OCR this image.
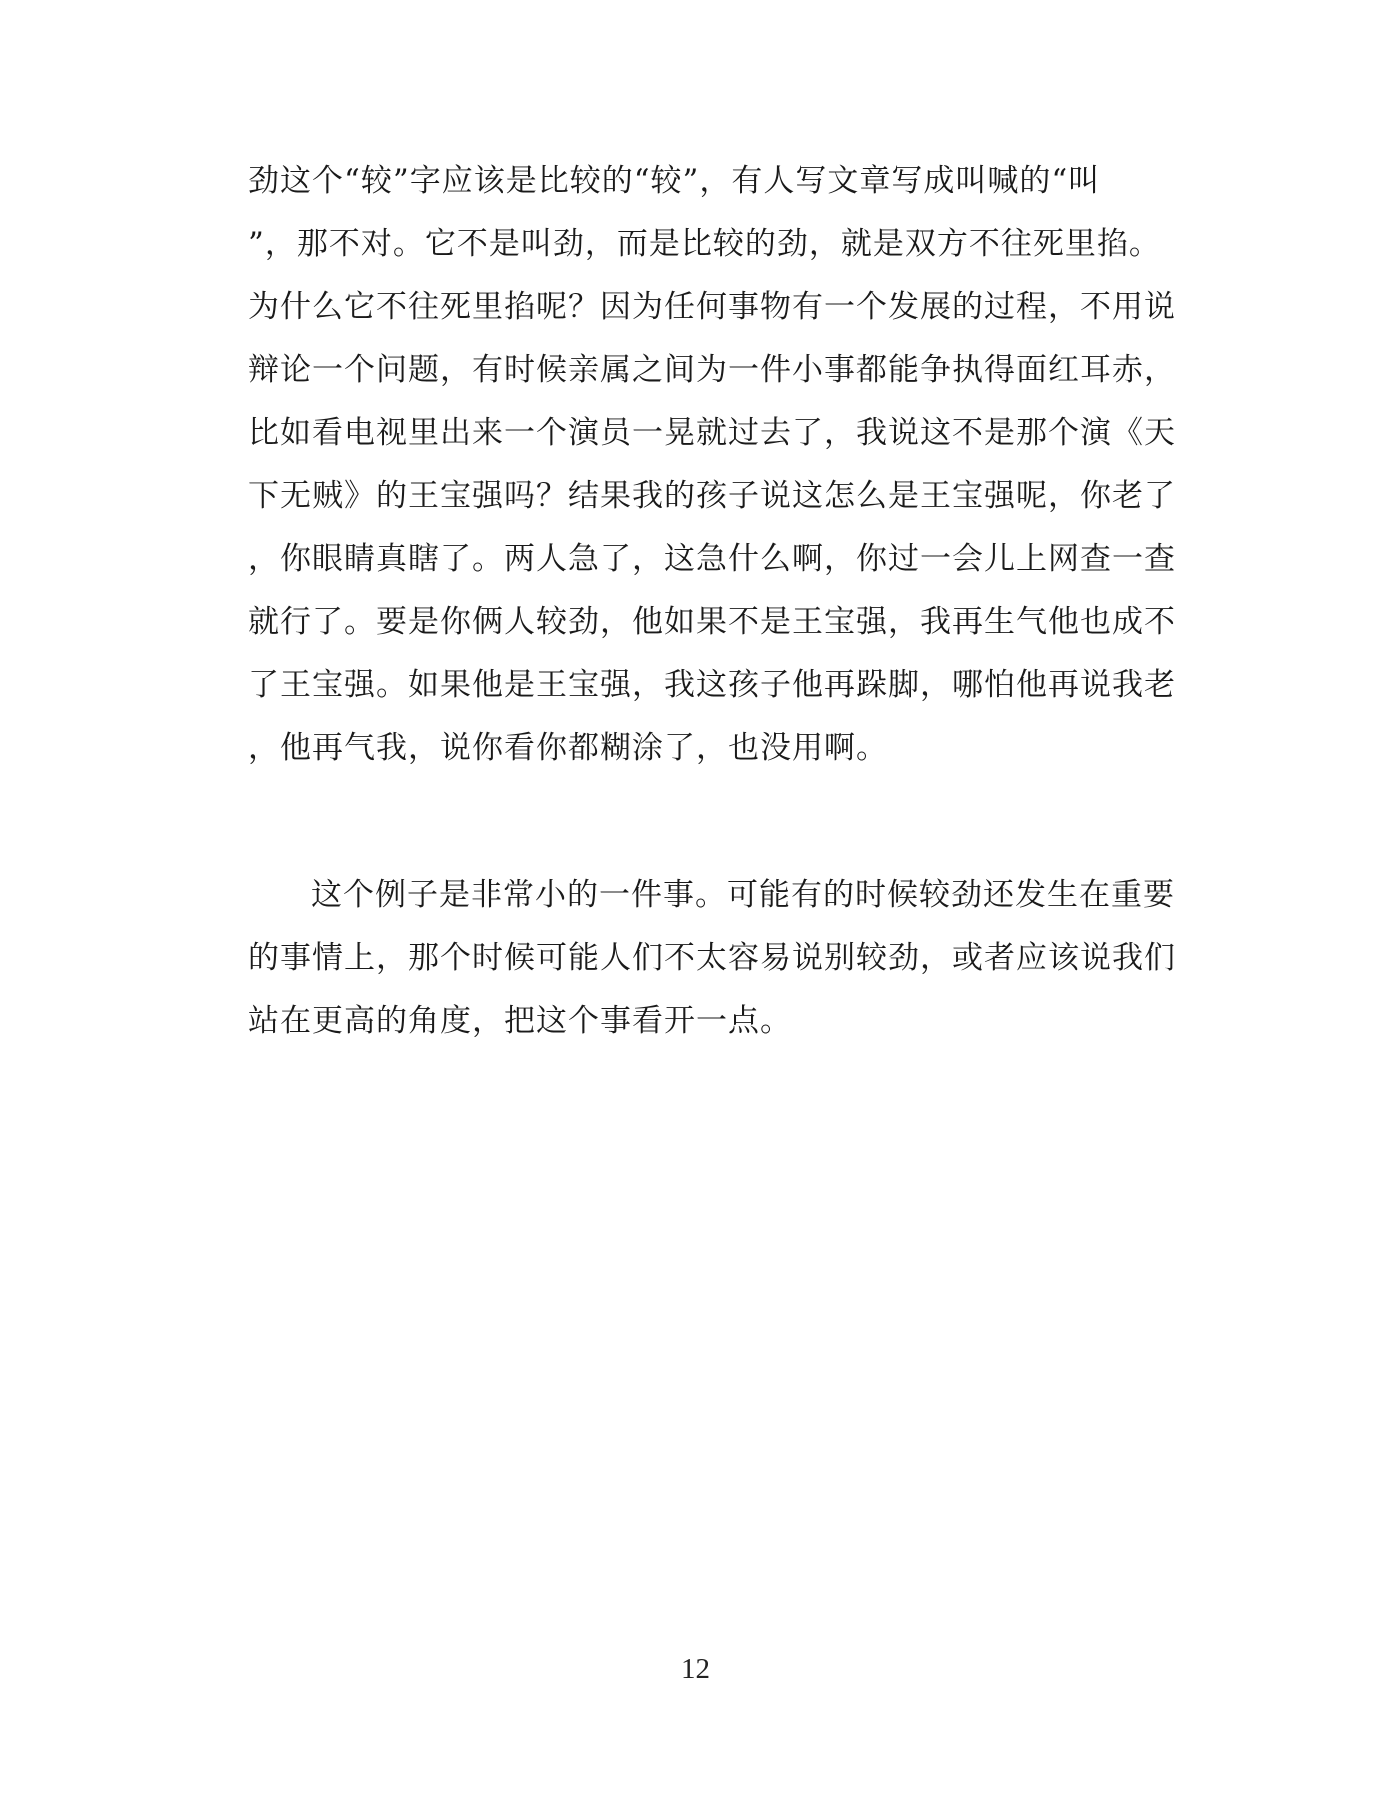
劲这个“较”字应该是比较的“较”，有人写文章写成叫喊的“叫
”，那不对。它不是叫劲，而是比较的劲，就是双方不往死里掐。
为什么它不往死里掐呢？因为任何事物有一个发展的过程，不用说
辩论一个问题，有时候亲属之间为一件小事都能争执得面红耳赤，
比如看电视里出来一个演员一晃就过去了，我说这不是那个演《天
下无贼》的王宝强吗？结果我的孩子说这怎么是王宝强呢，你老了
，你眼睛真瞎了。两人急了，这急什么啊，你过一会儿上网查一查
就行了。要是你俩人较劲，他如果不是王宝强，我再生气他也成不
了王宝强。如果他是王宝强，我这孩子他再跺脚，哪怕他再说我老
，他再气我，说你看你都糊涂了，也没用啊。
这个例子是非常小的一件事。可能有的时候较劲还发生在重要
的事情上，那个时候可能人们不太容易说别较劲，或者应该说我们
站在更高的角度，把这个事看开一点。
12
